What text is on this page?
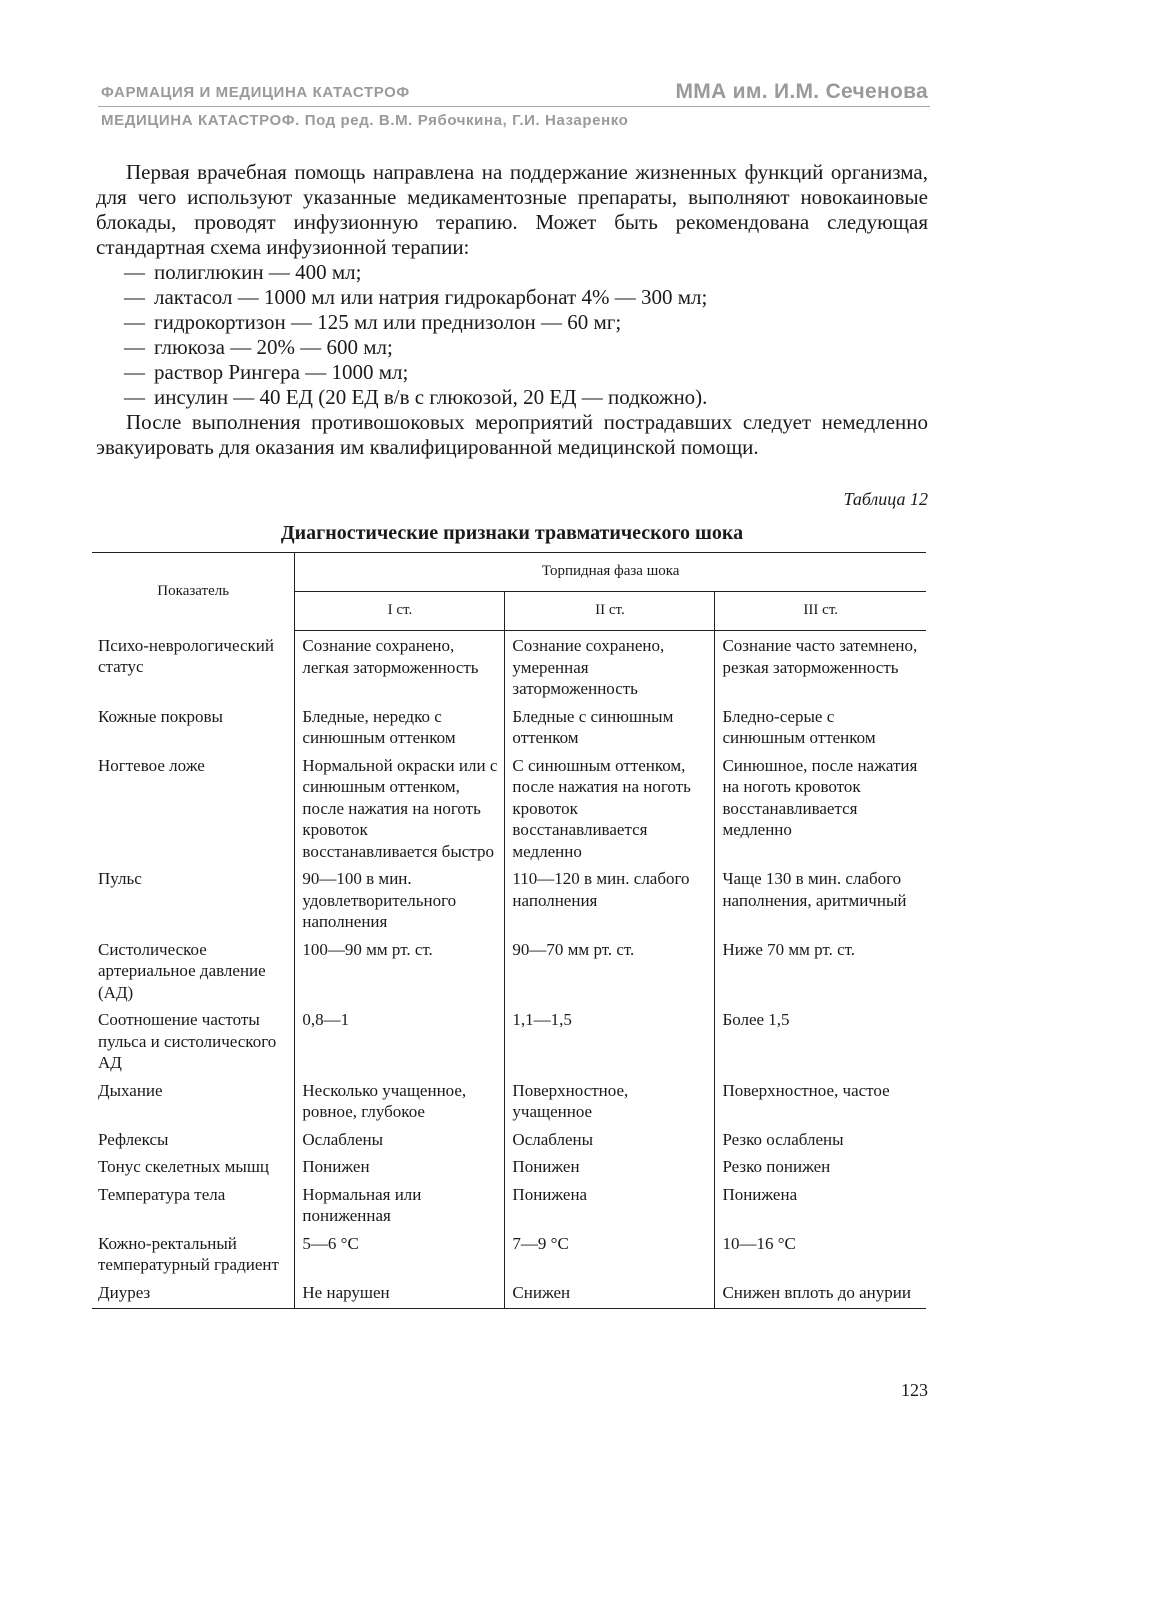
ФАРМАЦИЯ И МЕДИЦИНА КАТАСТРОФ	ММА им. И.М. Сеченова
МЕДИЦИНА КАТАСТРОФ. Под ред. В.М. Рябочкина, Г.И. Назаренко

Первая врачебная помощь направлена на поддержание жизненных функций организма, для чего используют указанные медикаментозные препараты, выполняют новокаиновые блокады, проводят инфузионную терапию. Может быть рекомендована следующая стандартная схема инфузионной терапии:

— полиглюкин — 400 мл;
— лактасол — 1000 мл или натрия гидрокарбонат 4% — 300 мл;
— гидрокортизон — 125 мл или преднизолон — 60 мг;
— глюкоза — 20% — 600 мл;
— раствор Рингера — 1000 мл;
— инсулин — 40 ЕД (20 ЕД в/в с глюкозой, 20 ЕД — подкожно).

После выполнения противошоковых мероприятий пострадавших следует немедленно эвакуировать для оказания им квалифицированной медицинской помощи.

Таблица 12
Диагностические признаки травматического шока
Показатель	Торпидная фаза шока		
	I ст.	II ст.	III ст.
Психо-неврологический статус	Сознание сохранено, легкая заторможенность	Сознание сохранено, умеренная заторможенность	Сознание часто затемнено, резкая заторможенность
Кожные покровы	Бледные, нередко с синюшным оттенком	Бледные с синюшным оттенком	Бледно-серые с синюшным оттенком
Ногтевое ложе	Нормальной окраски или с синюшным оттенком, после нажатия на ноготь кровоток восстанавливается быстро	С синюшным оттенком, после нажатия на ноготь кровоток восстанавливается медленно	Синюшное, после нажатия на ноготь кровоток восстанавливается медленно
Пульс	90—100 в мин. удовлетворительного наполнения	110—120 в мин. слабого наполнения	Чаще 130 в мин. слабого наполнения, аритмичный
Систолическое артериальное давление (АД)	100—90 мм рт. ст.	90—70 мм рт. ст.	Ниже 70 мм рт. ст.
Соотношение частоты пульса и систолического АД	0,8—1	1,1—1,5	Более 1,5
Дыхание	Несколько учащенное, ровное, глубокое	Поверхностное, учащенное	Поверхностное, частое
Рефлексы	Ослаблены	Ослаблены	Резко ослаблены
Тонус скелетных мышц	Понижен	Понижен	Резко понижен
Температура тела	Нормальная или пониженная	Понижена	Понижена
Кожно-ректальный температурный градиент	5—6 °С	7—9 °С	10—16 °С
Диурез	Не нарушен	Снижен	Снижен вплоть до анурии
123
